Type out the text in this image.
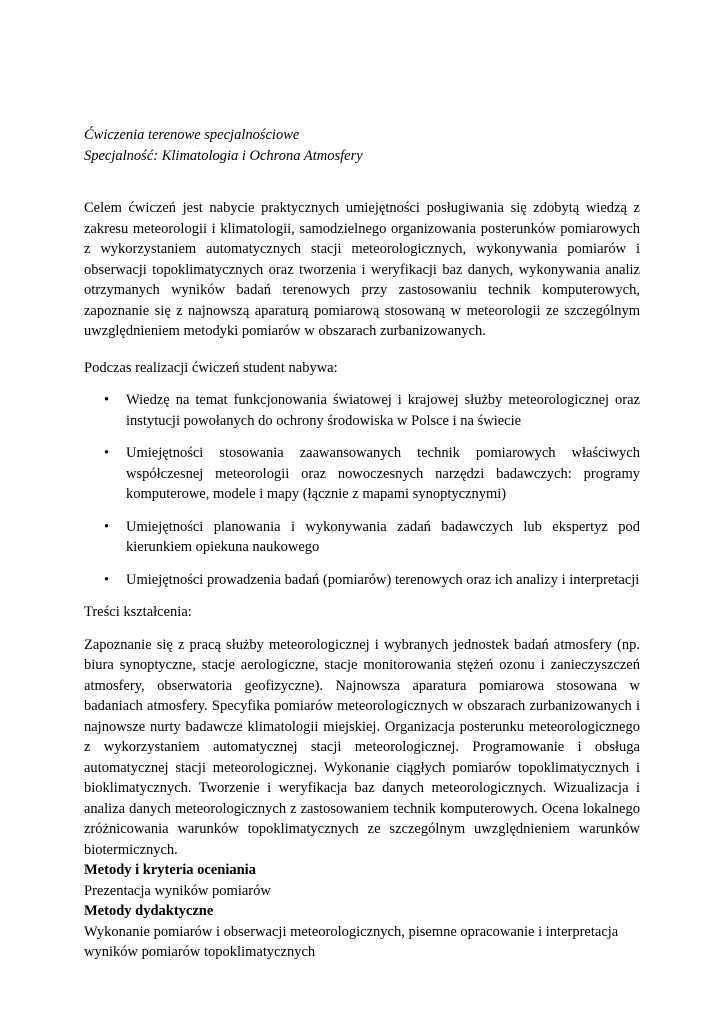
Ćwiczenia terenowe specjalnościowe

Specjalność: Klimatologia i Ochrona Atmosfery

Celem ćwiczeń jest nabycie praktycznych umiejętności posługiwania się zdobytą wiedzą z zakresu meteorologii i klimatologii, samodzielnego organizowania posterunków pomiarowych z wykorzystaniem automatycznych stacji meteorologicznych, wykonywania pomiarów i obserwacji topoklimatycznych oraz tworzenia i weryfikacji baz danych, wykonywania analiz otrzymanych wyników badań terenowych przy zastosowaniu technik komputerowych, zapoznanie się z najnowszą aparaturą pomiarową stosowaną w meteorologii ze szczególnym uwzględnieniem metodyki pomiarów w obszarach zurbanizowanych.

Podczas realizacji ćwiczeń student nabywa:

• Wiedzę na temat funkcjonowania światowej i krajowej służby meteorologicznej oraz instytucji powołanych do ochrony środowiska w Polsce i na świecie
• Umiejętności stosowania zaawansowanych technik pomiarowych właściwych współczesnej meteorologii oraz nowoczesnych narzędzi badawczych: programy komputerowe, modele i mapy (łącznie z mapami synoptycznymi)
• Umiejętności planowania i wykonywania zadań badawczych lub ekspertyz pod kierunkiem opiekuna naukowego
• Umiejętności prowadzenia badań (pomiarów) terenowych oraz ich analizy i interpretacji

Treści kształcenia:

Zapoznanie się z pracą służby meteorologicznej i wybranych jednostek badań atmosfery (np. biura synoptyczne, stacje aerologiczne, stacje monitorowania stężeń ozonu i zanieczyszczeń atmosfery, obserwatoria geofizyczne). Najnowsza aparatura pomiarowa stosowana w badaniach atmosfery. Specyfika pomiarów meteorologicznych w obszarach zurbanizowanych i najnowsze nurty badawcze klimatologii miejskiej. Organizacja posterunku meteorologicznego z wykorzystaniem automatycznej stacji meteorologicznej. Programowanie i obsługa automatycznej stacji meteorologicznej. Wykonanie ciągłych pomiarów topoklimatycznych i bioklimatycznych. Tworzenie i weryfikacja baz danych meteorologicznych. Wizualizacja i analiza danych meteorologicznych z zastosowaniem technik komputerowych. Ocena lokalnego zróżnicowania warunków topoklimatycznych ze szczególnym uwzględnieniem warunków biotermicznych.

Metody i kryteria oceniania

Prezentacja wyników pomiarów

Metody dydaktyczne

Wykonanie pomiarów i obserwacji meteorologicznych, pisemne opracowanie i interpretacja wyników pomiarów topoklimatycznych
